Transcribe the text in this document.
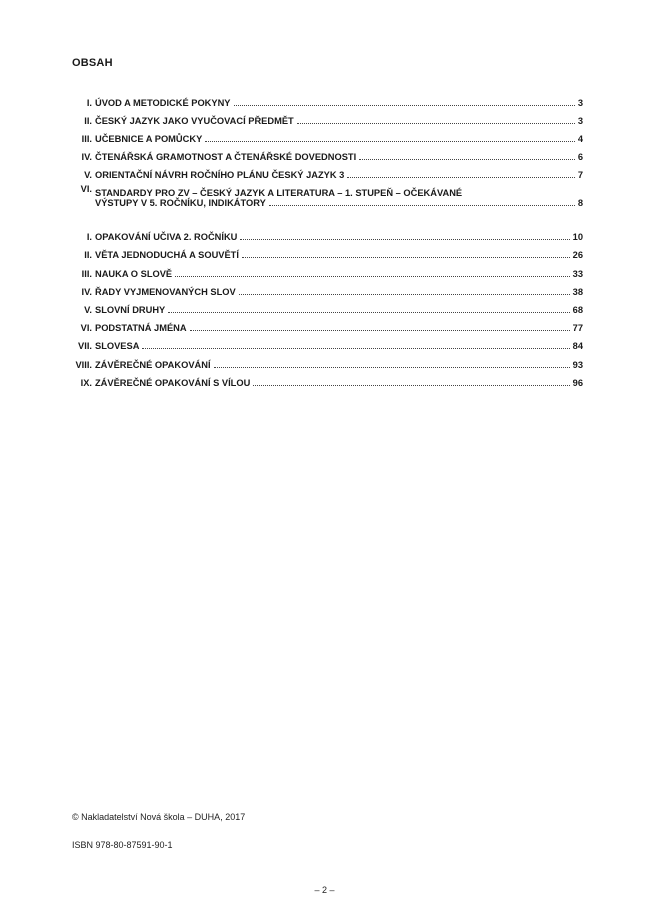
OBSAH
I. ÚVOD A METODICKÉ POKYNY	3
II. ČESKÝ JAZYK JAKO VYUČOVACÍ PŘEDMĚT	3
III. UČEBNICE A POMŮCKY	4
IV. ČTENÁŘSKÁ GRAMOTNOST A ČTENÁŘSKÉ DOVEDNOSTI	6
V. ORIENTAČNÍ NÁVRH ROČNÍHO PLÁNU ČESKÝ JAZYK 3	7
VI. STANDARDY PRO ZV – ČESKÝ JAZYK A LITERATURA – 1. STUPEŇ – OČEKÁVANÉ
VÝSTUPY V 5. ROČNÍKU, INDIKÁTORY	8
I. OPAKOVÁNÍ UČIVA 2. ROČNÍKU	10
II. VĚTA JEDNODUCHÁ A SOUVĚTÍ	26
III. NAUKA O SLOVĚ	33
IV. ŘADY VYJMENOVANÝCH SLOV	38
V. SLOVNÍ DRUHY	68
VI. PODSTATNÁ JMÉNA	77
VII. SLOVESA	84
VIII. ZÁVĚREČNÉ OPAKOVÁNÍ	93
IX. ZÁVĚREČNÉ OPAKOVÁNÍ S VÍLOU	96
© Nakladatelství Nová škola – DUHA, 2017
ISBN 978-80-87591-90-1
– 2 –
